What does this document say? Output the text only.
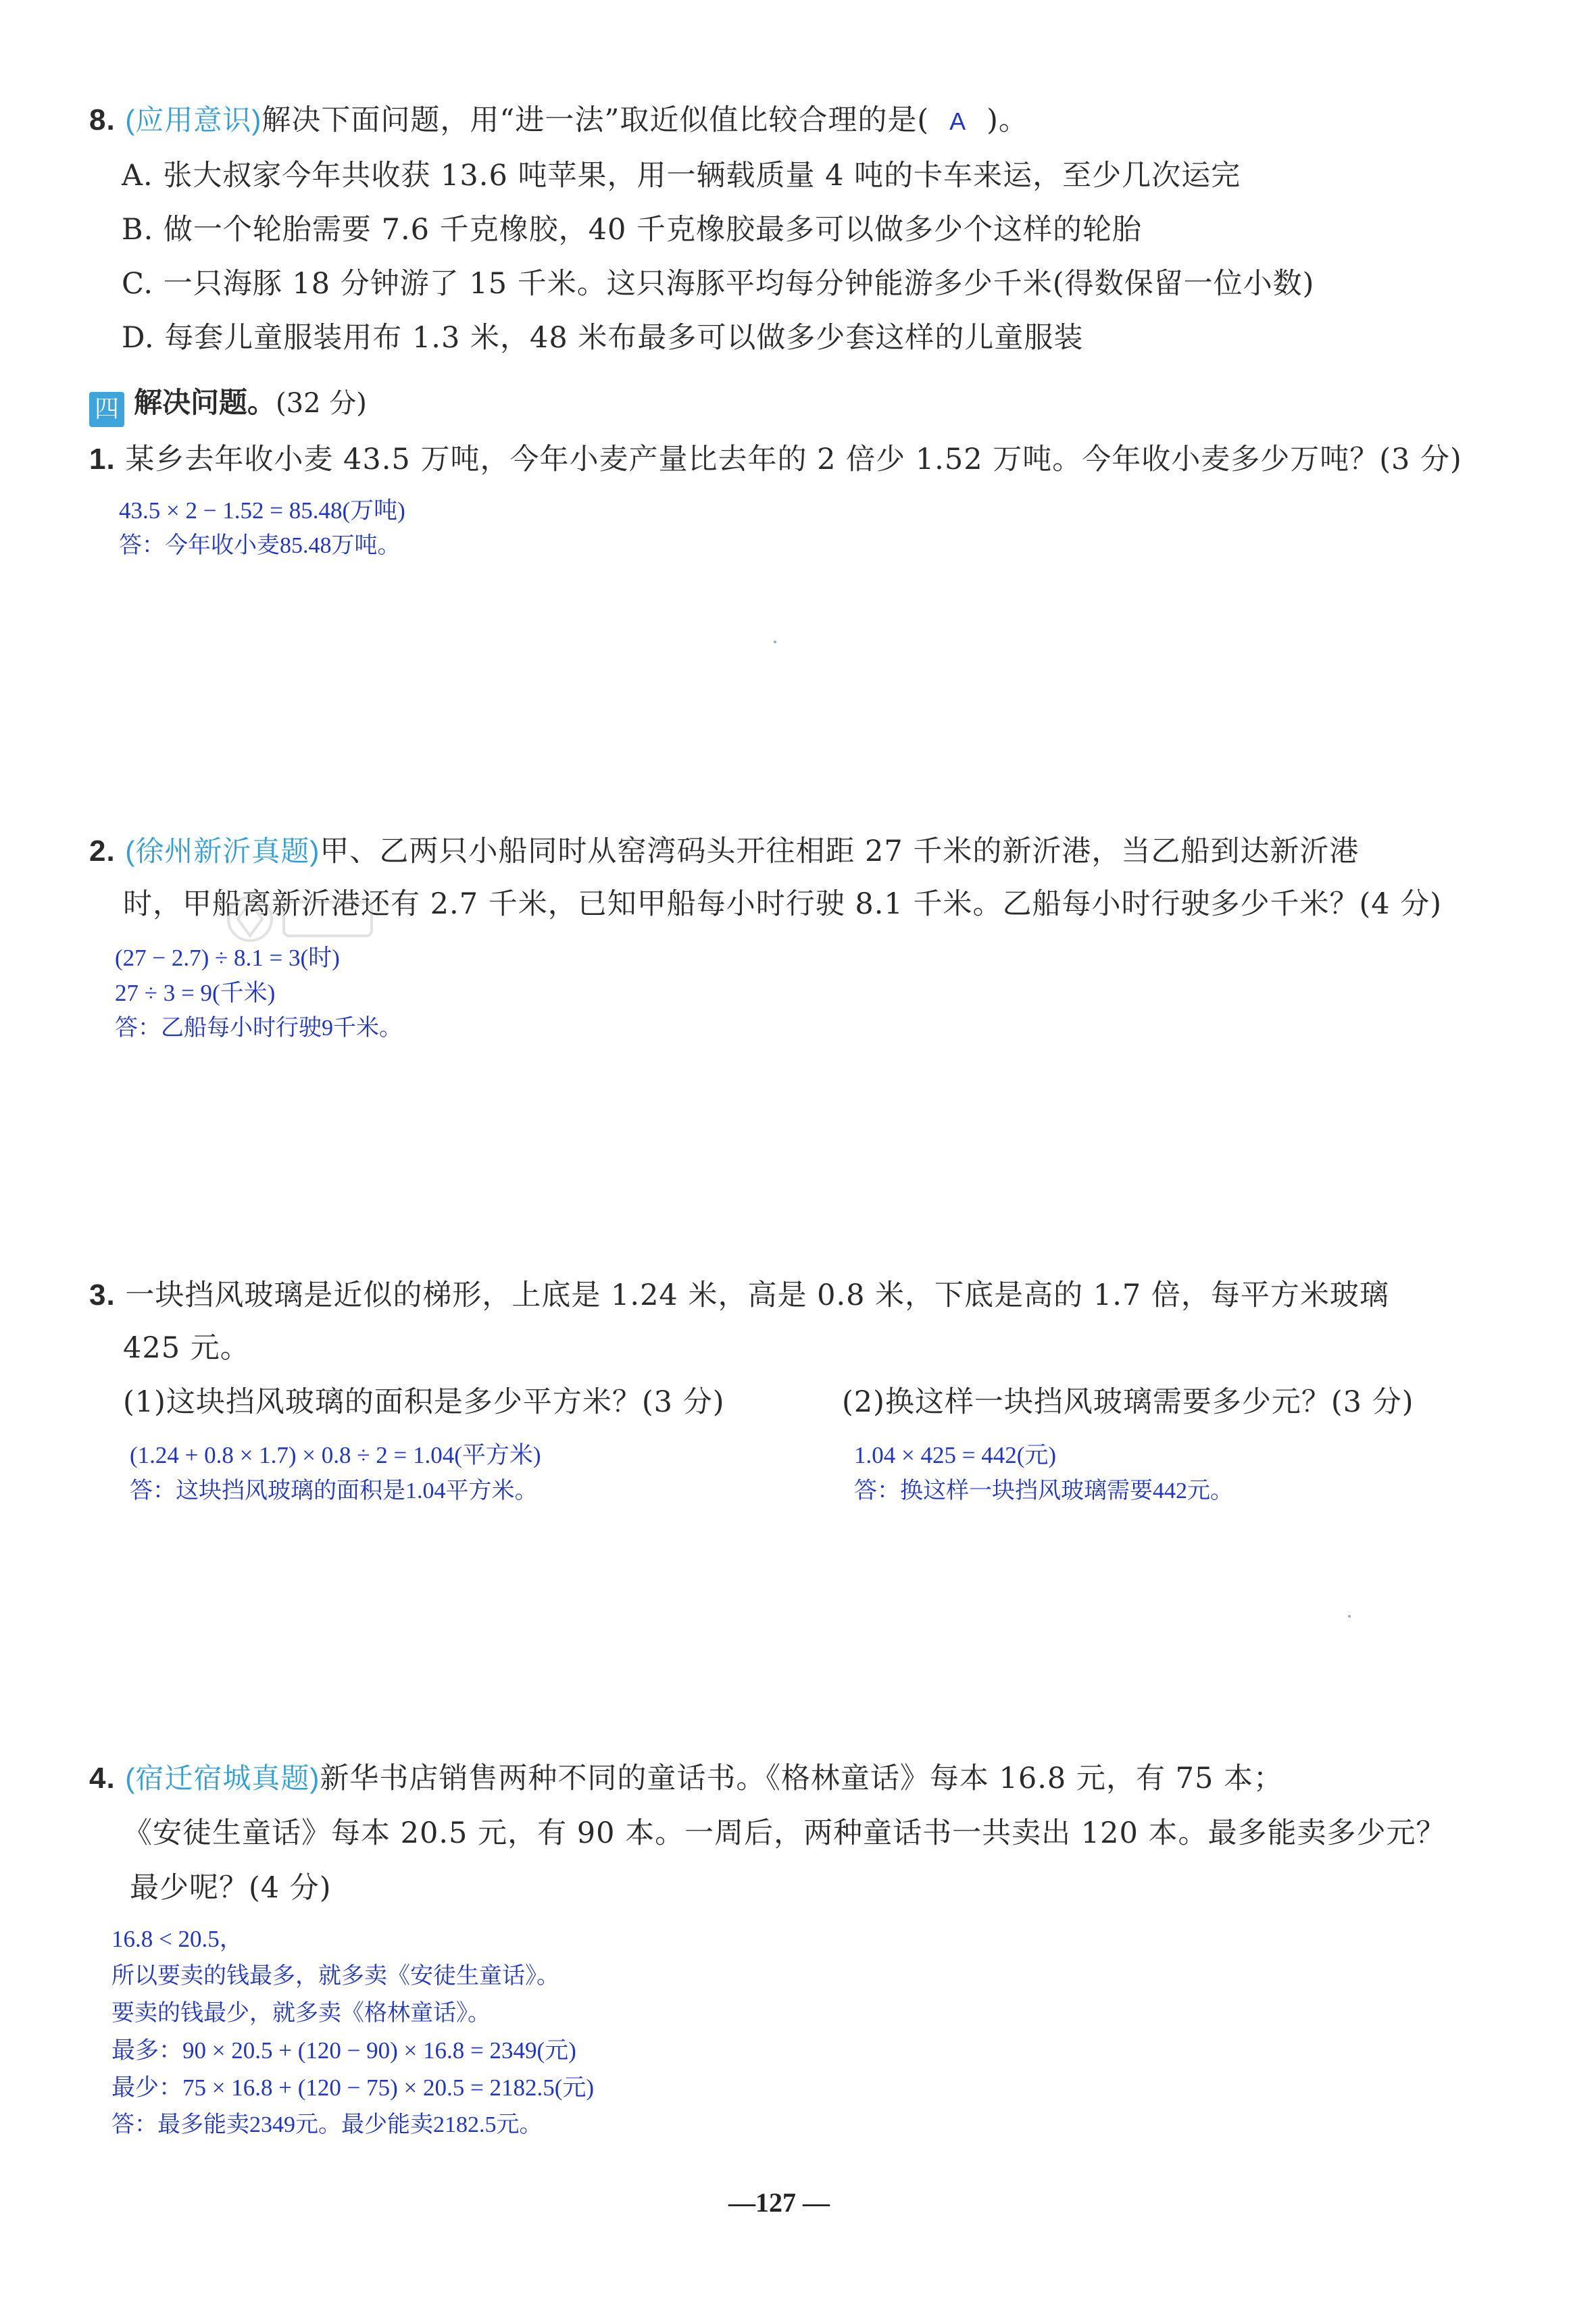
8. (应用意识)解决下面问题，用“进一法”取近似值比较合理的是( A )。
A. 张大叔家今年共收获 13.6 吨苹果，用一辆载质量 4 吨的卡车来运，至少几次运完
B. 做一个轮胎需要 7.6 千克橡胶，40 千克橡胶最多可以做多少个这样的轮胎
C. 一只海豚 18 分钟游了 15 千米。这只海豚平均每分钟能游多少千米(得数保留一位小数)
D. 每套儿童服装用布 1.3 米，48 米布最多可以做多少套这样的儿童服装
四 解决问题。(32 分)
1. 某乡去年收小麦 43.5 万吨，今年小麦产量比去年的 2 倍少 1.52 万吨。今年收小麦多少万吨？(3 分)
43.5 × 2 − 1.52 = 85.48(万吨)
答：今年收小麦85.48万吨。
2. (徐州新沂真题)甲、乙两只小船同时从窑湾码头开往相距 27 千米的新沂港，当乙船到达新沂港
时，甲船离新沂港还有 2.7 千米，已知甲船每小时行驶 8.1 千米。乙船每小时行驶多少千米？(4 分)
(27 − 2.7) ÷ 8.1 = 3(时)
27 ÷ 3 = 9(千米)
答：乙船每小时行驶9千米。
3. 一块挡风玻璃是近似的梯形，上底是 1.24 米，高是 0.8 米，下底是高的 1.7 倍，每平方米玻璃
425 元。
(1)这块挡风玻璃的面积是多少平方米？(3 分)	(2)换这样一块挡风玻璃需要多少元？(3 分)
(1.24 + 0.8 × 1.7) × 0.8 ÷ 2 = 1.04(平方米)
答：这块挡风玻璃的面积是1.04平方米。
1.04 × 425 = 442(元)
答：换这样一块挡风玻璃需要442元。
4. (宿迁宿城真题)新华书店销售两种不同的童话书。《格林童话》每本 16.8 元，有 75 本；
《安徒生童话》每本 20.5 元，有 90 本。一周后，两种童话书一共卖出 120 本。最多能卖多少元？
最少呢？(4 分)
16.8 < 20.5，
所以要卖的钱最多，就多卖《安徒生童话》。
要卖的钱最少，就多卖《格林童话》。
最多：90 × 20.5 + (120 − 90) × 16.8 = 2349(元)
最少：75 × 16.8 + (120 − 75) × 20.5 = 2182.5(元)
答：最多能卖2349元。最少能卖2182.5元。
—127 —
